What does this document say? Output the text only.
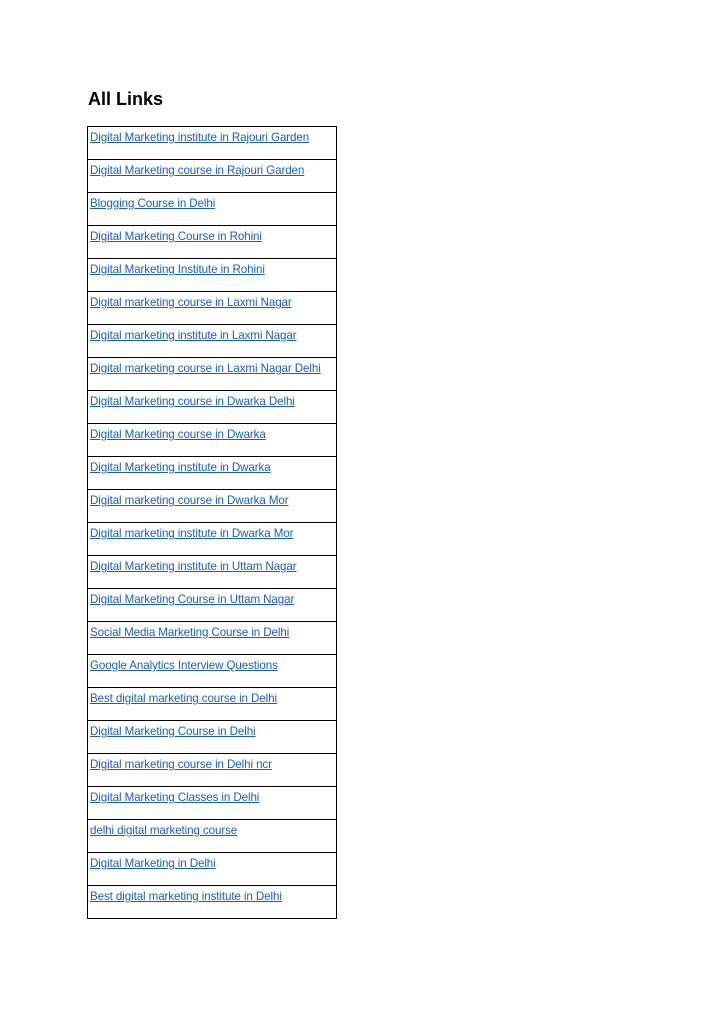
All Links
Digital Marketing institute in Rajouri Garden
Digital Marketing course in Rajouri Garden
Blogging Course in Delhi
Digital Marketing Course in Rohini
Digital Marketing Institute in Rohini
Digital marketing course in Laxmi Nagar
Digital marketing institute in Laxmi Nagar
Digital marketing course in Laxmi Nagar Delhi
Digital Marketing course in Dwarka Delhi
Digital Marketing course in Dwarka
Digital Marketing institute in Dwarka
Digital marketing course in Dwarka Mor
Digital marketing institute in Dwarka Mor
Digital Marketing institute in Uttam Nagar
Digital Marketing Course in Uttam Nagar
Social Media Marketing Course in Delhi
Google Analytics Interview Questions
Best digital marketing course in Delhi
Digital Marketing Course in Delhi
Digital marketing course in Delhi ncr
Digital Marketing Classes in Delhi
delhi digital marketing course
Digital Marketing in Delhi
Best digital marketing institute in Delhi
